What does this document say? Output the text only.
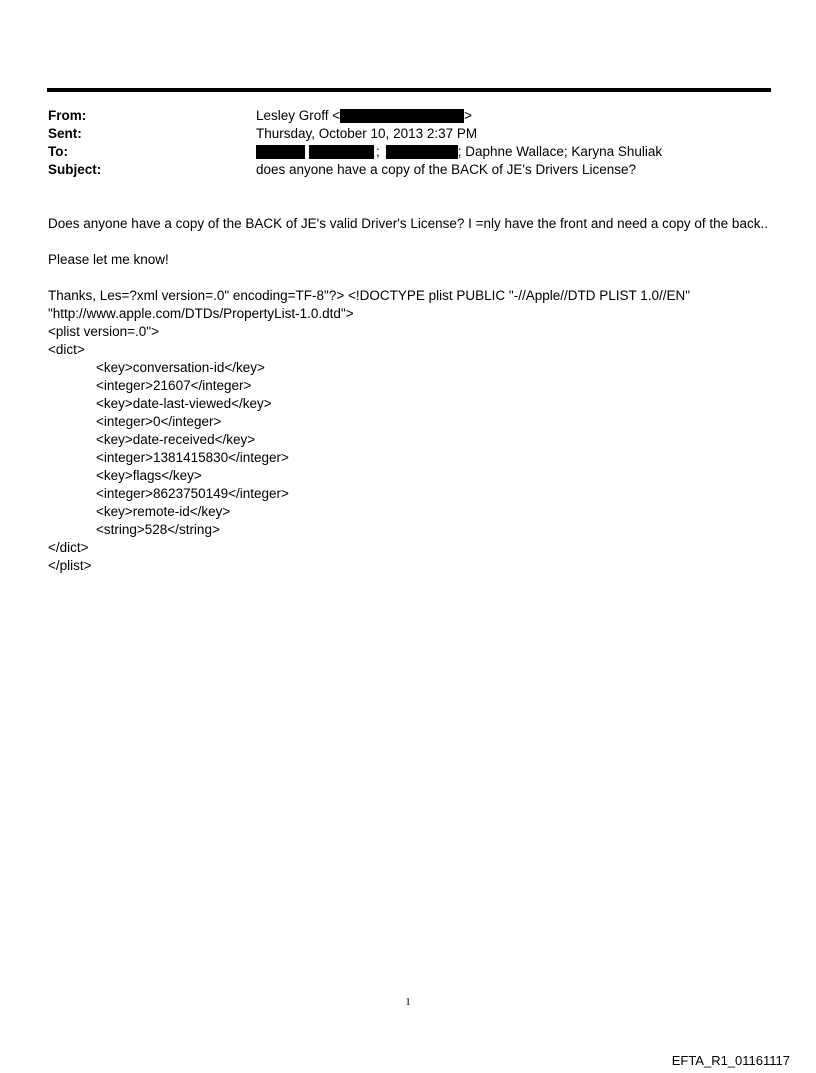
From:	Lesley Groff <	>
Sent:	Thursday, October 10, 2013 2:37 PM
To:	;	; Daphne Wallace; Karyna Shuliak
Subject:	does anyone have a copy of the BACK of JE's Drivers License?
Does anyone have a copy of the BACK of JE's valid Driver's License? I =nly have the front and need a copy of the back..
Please let me know!
Thanks, Les=?xml version=.0" encoding=TF-8"?> <!DOCTYPE plist PUBLIC "-//Apple//DTD PLIST 1.0//EN"
"http://www.apple.com/DTDs/PropertyList-1.0.dtd">
<plist version=.0">
<dict>
<key>conversation-id</key>
<integer>21607</integer>
<key>date-last-viewed</key>
<integer>0</integer>
<key>date-received</key>
<integer>1381415830</integer>
<key>flags</key>
<integer>8623750149</integer>
<key>remote-id</key>
<string>528</string>
</dict>
</plist>
1
EFTA_R1_01161117
